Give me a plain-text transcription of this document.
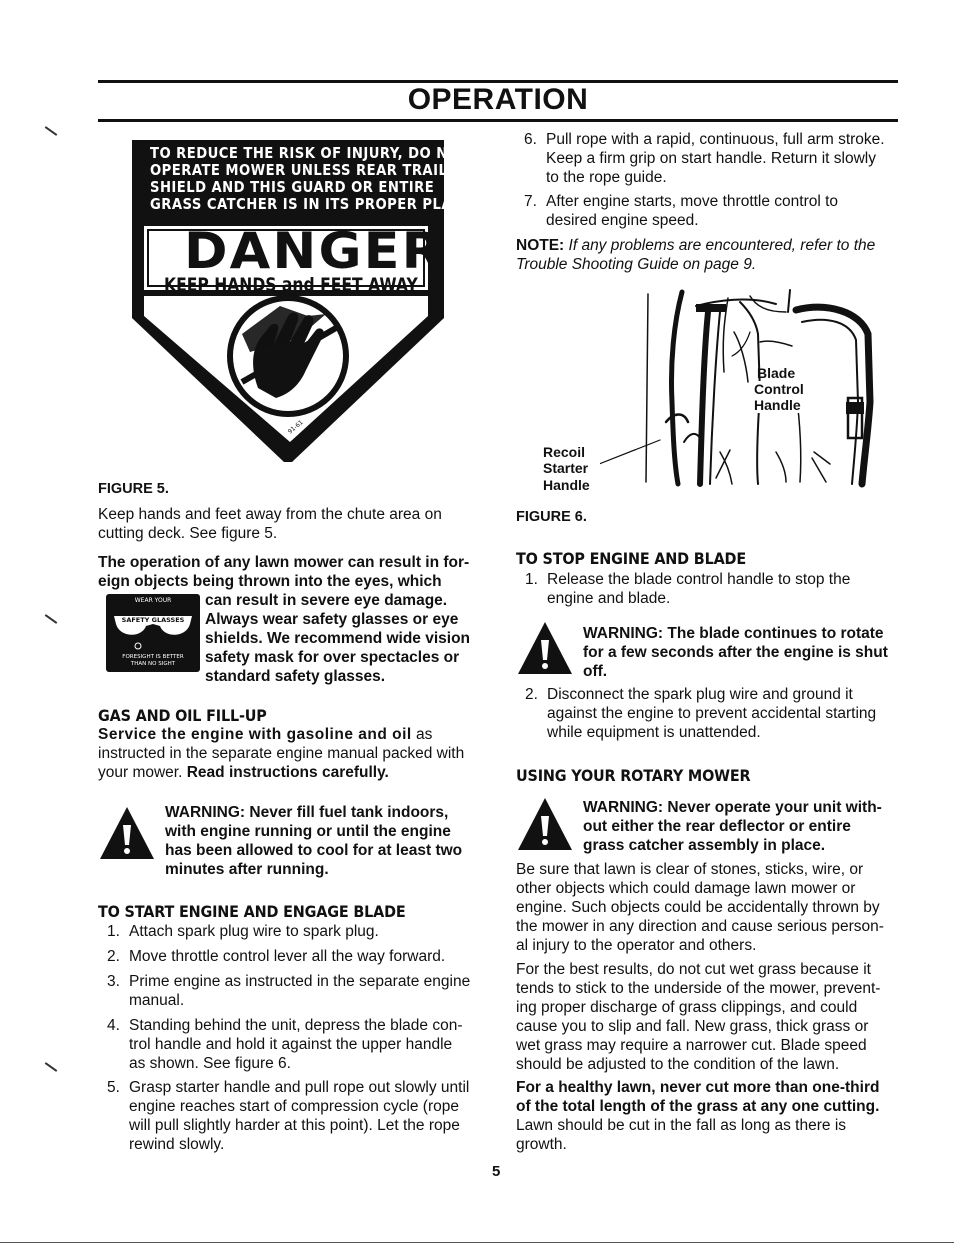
OPERATION
91-61
TO REDUCE THE RISK OF INJURY, DO NOT
OPERATE MOWER UNLESS REAR TRAILING
SHIELD AND THIS GUARD OR ENTIRE
GRASS CATCHER IS IN ITS PROPER PLACE.
DANGER
KEEP HANDS and FEET AWAY
FIGURE 5.

Keep hands and feet away from the chute area on cutting deck. See figure 5.

The operation of any lawn mower can result in for-
eign objects being thrown into the eyes, which
can result in severe eye damage.
Always wear safety glasses or eye
shields. We recommend wide vision
safety mask for over spectacles or
standard safety glasses.
WEAR YOUR
SAFETY GLASSES
FORESIGHT IS BETTER
THAN NO SIGHT
GAS AND OIL FILL-UP
Service the engine with gasoline and oil as
instructed in the separate engine manual packed with
your mower. Read instructions carefully.
WARNING: Never fill fuel tank indoors,
with engine running or until the engine
has been allowed to cool for at least two
minutes after running.
TO START ENGINE AND ENGAGE BLADE
1. Attach spark plug wire to spark plug.
2. Move throttle control lever all the way forward.
3. Prime engine as instructed in the separate engine
manual.
4. Standing behind the unit, depress the blade con-
trol handle and hold it against the upper handle
as shown. See figure 6.
5. Grasp starter handle and pull rope out slowly until
engine reaches start of compression cycle (rope
will pull slightly harder at this point). Let the rope
rewind slowly.
6. Pull rope with a rapid, continuous, full arm stroke.
Keep a firm grip on start handle. Return it slowly
to the rope guide.
7. After engine starts, move throttle control to
desired engine speed.
NOTE: If any problems are encountered, refer to the
Trouble Shooting Guide on page 9.
Blade
Control
Handle
Recoil
Starter
Handle
FIGURE 6.
TO STOP ENGINE AND BLADE
1. Release the blade control handle to stop the
engine and blade.
WARNING: The blade continues to rotate
for a few seconds after the engine is shut
off.
2. Disconnect the spark plug wire and ground it
against the engine to prevent accidental starting
while equipment is unattended.
USING YOUR ROTARY MOWER
WARNING: Never operate your unit with-
out either the rear deflector or entire
grass catcher assembly in place.
Be sure that lawn is clear of stones, sticks, wire, or
other objects which could damage lawn mower or
engine. Such objects could be accidentally thrown by
the mower in any direction and cause serious person-
al injury to the operator and others.
For the best results, do not cut wet grass because it
tends to stick to the underside of the mower, prevent-
ing proper discharge of grass clippings, and could
cause you to slip and fall. New grass, thick grass or
wet grass may require a narrower cut. Blade speed
should be adjusted to the condition of the lawn.
For a healthy lawn, never cut more than one-third
of the total length of the grass at any one cutting.
Lawn should be cut in the fall as long as there is
growth.
5
